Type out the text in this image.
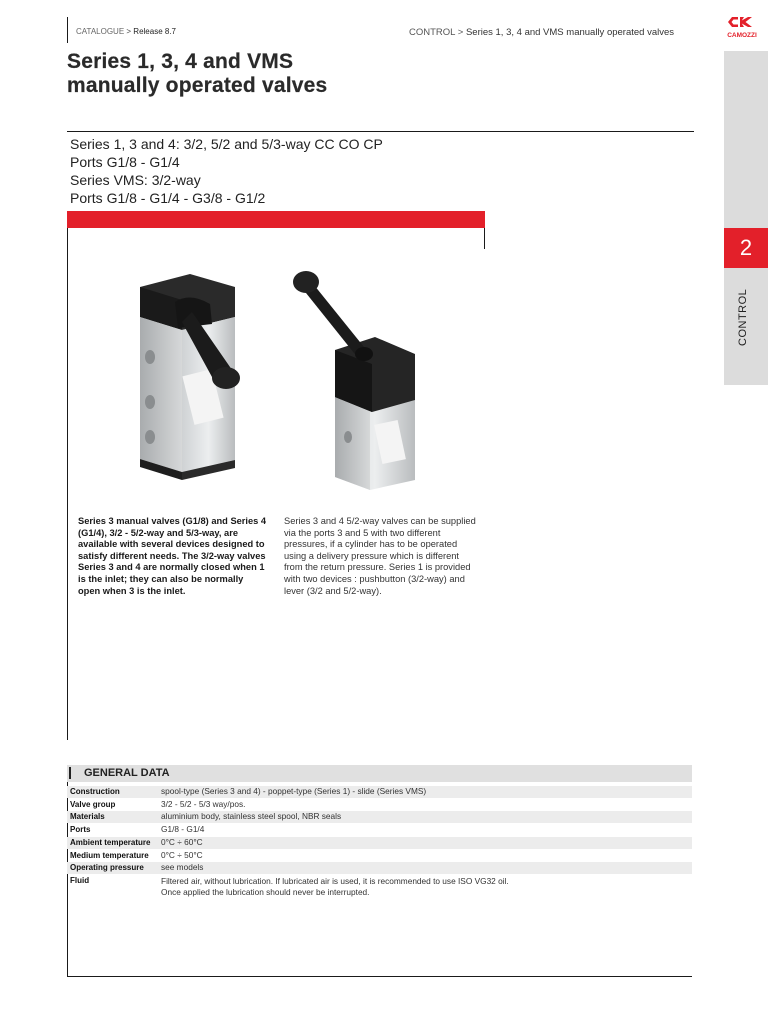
CATALOGUE > Release 8.7	CONTROL > Series 1, 3, 4 and VMS manually operated valves	CAMOZZI
2
CONTROL
Series 1, 3, 4 and VMS
manually operated valves
Series 1, 3 and 4: 3/2, 5/2 and 5/3-way CC CO CP
Ports G1/8 - G1/4
Series VMS: 3/2-way
Ports G1/8 - G1/4 - G3/8 - G1/2
Series 3 manual valves (G1/8) and Series 4 (G1/4), 3/2 - 5/2-way and 5/3-way, are available with several devices designed to satisfy different needs. The 3/2-way valves Series 3 and 4 are normally closed when 1 is the inlet; they can also be normally open when 3 is the inlet.
Series 3 and 4 5/2-way valves can be supplied via the ports 3 and 5 with two different pressures, if a cylinder has to be operated using a delivery pressure which is different from the return pressure. Series 1 is provided with two devices : pushbutton (3/2-way) and lever (3/2 and 5/2-way).
GENERAL DATA
Construction	spool-type (Series 3 and 4) - poppet-type (Series 1) - slide (Series VMS)
Valve group	3/2 - 5/2 - 5/3 way/pos.
Materials	aluminium body, stainless steel spool, NBR seals
Ports	G1/8 - G1/4
Ambient temperature 0°C ÷ 60°C
Medium temperature 0°C ÷ 50°C
Operating pressure see models
Fluid	Filtered air, without lubrication. If lubricated air is used, it is recommended to use ISO VG32 oil.
Once applied the lubrication should never be interrupted.
